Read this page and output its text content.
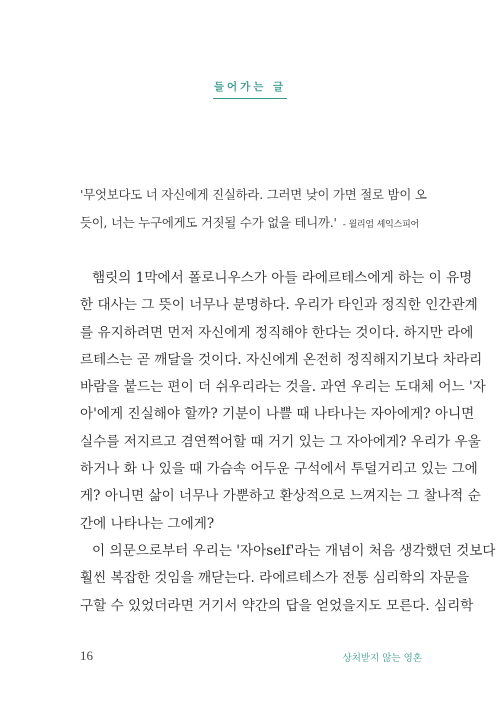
들어가는 글
'무엇보다도 너 자신에게 진실하라. 그러면 낮이 가면 절로 밤이 오
듯이, 너는 누구에게도 거짓될 수가 없을 테니까.' - 윌리엄 셰익스피어
햄릿의 1막에서 폴로니우스가 아들 라에르테스에게 하는 이 유명
한 대사는 그 뜻이 너무나 분명하다. 우리가 타인과 정직한 인간관계
를 유지하려면 먼저 자신에게 정직해야 한다는 것이다. 하지만 라에
르테스는 곧 깨달을 것이다. 자신에게 온전히 정직해지기보다 차라리
바람을 붙드는 편이 더 쉬우리라는 것을. 과연 우리는 도대체 어느 '자
아'에게 진실해야 할까? 기분이 나쁠 때 나타나는 자아에게? 아니면
실수를 저지르고 겸연쩍어할 때 거기 있는 그 자아에게? 우리가 우울
하거나 화 나 있을 때 가슴속 어두운 구석에서 투덜거리고 있는 그에
게? 아니면 삶이 너무나 가뿐하고 환상적으로 느껴지는 그 찰나적 순
간에 나타나는 그에게?
이 의문으로부터 우리는 '자아self'라는 개념이 처음 생각했던 것보다
훨씬 복잡한 것임을 깨닫는다. 라에르테스가 전통 심리학의 자문을
구할 수 있었더라면 거기서 약간의 답을 얻었을지도 모른다. 심리학
16	상처받지 않는 영혼
